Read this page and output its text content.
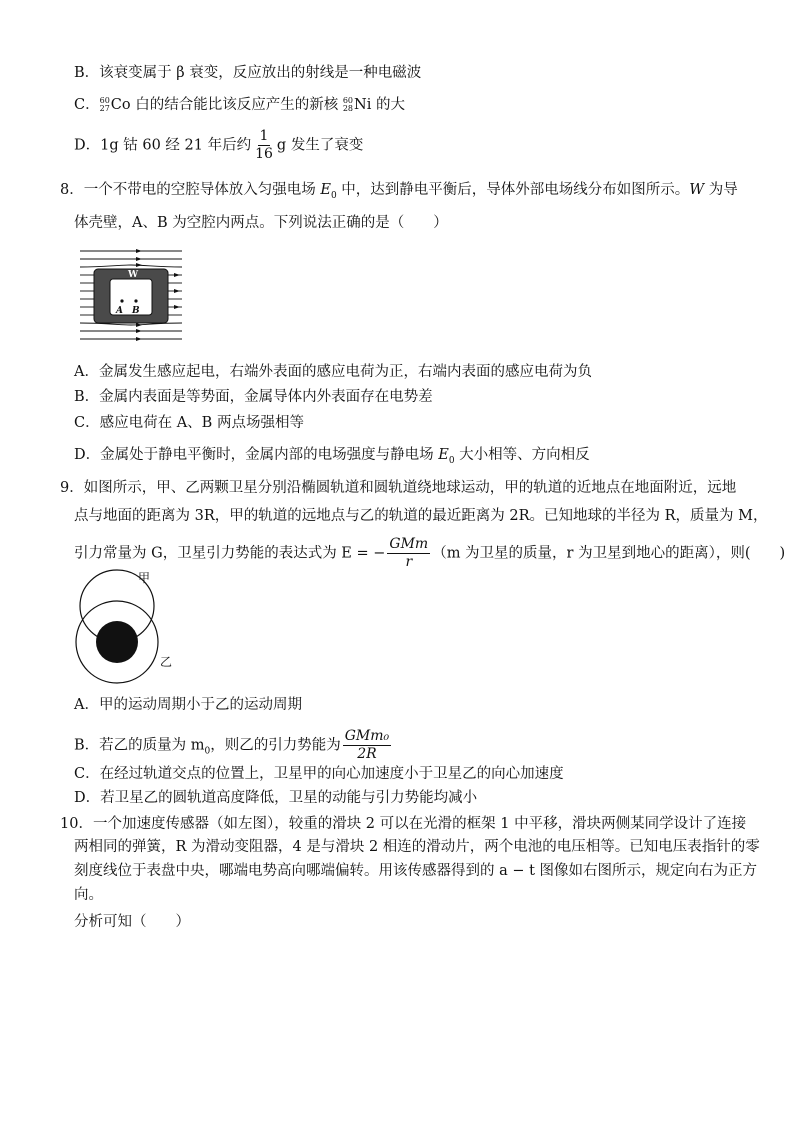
B．该衰变属于 β 衰变，反应放出的射线是一种电磁波
C． 60
27 Co 白的结合能比该反应产生的新核 60
28 Ni 的大
D．1g 钴 60 经 21 年后约 $\frac{1}{16}$ g 发生了衰变
8．一个不带电的空腔导体放入匀强电场 $E_0$ 中，达到静电平衡后，导体外部电场线分布如图所示。W 为导
体壳壁，A、B 为空腔内两点。下列说法正确的是（　　）
W
A B
A．金属发生感应起电，右端外表面的感应电荷为正，右端内表面的感应电荷为负
B．金属内表面是等势面，金属导体内外表面存在电势差
C．感应电荷在 A、B 两点场强相等
D．金属处于静电平衡时，金属内部的电场强度与静电场 $E_0$ 大小相等、方向相反
9．如图所示，甲、乙两颗卫星分别沿椭圆轨道和圆轨道绕地球运动，甲的轨道的近地点在地面附近，远地
点与地面的距离为 3R，甲的轨道的远地点与乙的轨道的最近距离为 2R。已知地球的半径为 R，质量为 M，
引力常量为 G，卫星引力势能的表达式为 E = − $\frac{\text{GMm}}{r} (m$ 为卫星的质量，r 为卫星到地心的距离），则(　　)
甲
乙
A．甲的运动周期小于乙的运动周期
B．若乙的质量为 $m_0$，则乙的引力势能为 $\frac{\text{GMm₀}}{2R}$
C．在经过轨道交点的位置上，卫星甲的向心加速度小于卫星乙的向心加速度
D．若卫星乙的圆轨道高度降低，卫星的动能与引力势能均减小
10．一个加速度传感器（如左图），较重的滑块 2 可以在光滑的框架 1 中平移，滑块两侧某同学设计了连接
两相同的弹簧，R 为滑动变阻器，4 是与滑块 2 相连的滑动片，两个电池的电压相等。已知电压表指针的零
刻度线位于表盘中央，哪端电势高向哪端偏转。用该传感器得到的 a − t 图像如右图所示，规定向右为正方
向。
分析可知（　　）
